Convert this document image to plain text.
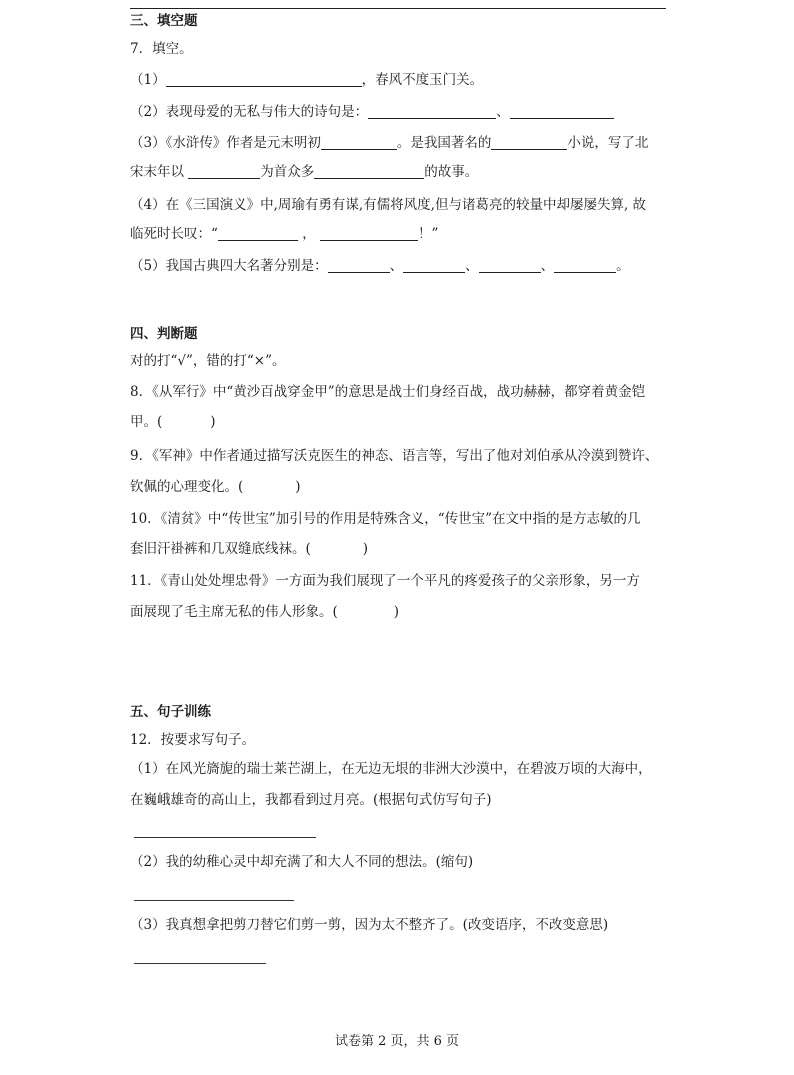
三、填空题
7．填空。
（1）	，春风不度玉门关。
（2）表现母爱的无私与伟大的诗句是：	、
（3）《水浒传》作者是元末明初	。是我国著名的	小说，写了北
宋末年以	为首众多	的故事。
（4）在《三国演义》中,周瑜有勇有谋,有儒将风度,但与诸葛亮的较量中却屡屡失算, 故
临死时长叹：“	，	！”
（5）我国古典四大名著分别是：	、	、	、	。
四、判断题
对的打“√”，错的打“×”。
8．《从军行》中“黄沙百战穿金甲”的意思是战士们身经百战，战功赫赫，都穿着黄金铠
甲。(	)
9．《军神》中作者通过描写沃克医生的神态、语言等，写出了他对刘伯承从冷漠到赞许、
钦佩的心理变化。(	)
10．《清贫》中“传世宝”加引号的作用是特殊含义，“传世宝”在文中指的是方志敏的几
套旧汗褂裤和几双缝底线袜。(	)
11．《青山处处埋忠骨》一方面为我们展现了一个平凡的疼爱孩子的父亲形象，另一方
面展现了毛主席无私的伟人形象。(	)
五、句子训练
12．按要求写句子。
（1）在风光旖旎的瑞士莱芒湖上，在无边无垠的非洲大沙漠中，在碧波万顷的大海中，
在巍峨雄奇的高山上，我都看到过月亮。(根据句式仿写句子)
（2）我的幼稚心灵中却充满了和大人不同的想法。(缩句)
（3）我真想拿把剪刀替它们剪一剪，因为太不整齐了。(改变语序，不改变意思)
试卷第 2 页，共 6 页
